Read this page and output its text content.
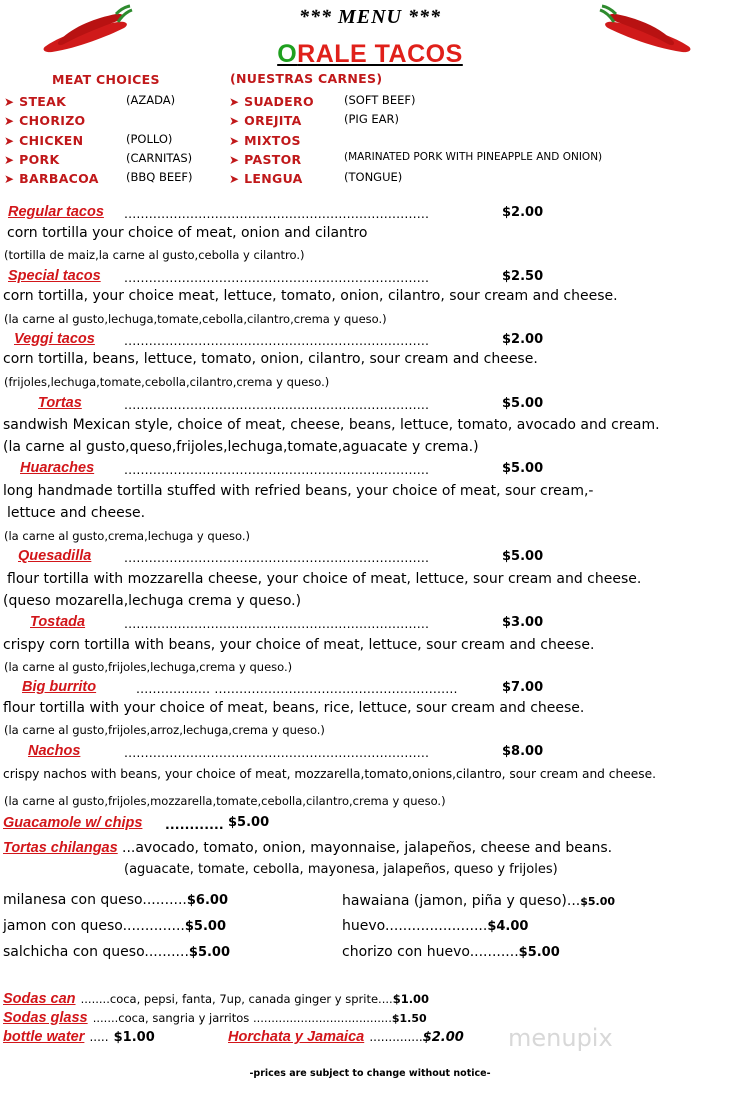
*** MENU ***
ORALE TACOS
MEAT CHOICES	(NUESTRAS CARNES)
➤ STEAK	(AZADA)
➤ CHORIZO
➤ CHICKEN	(POLLO)
➤ PORK	(CARNITAS)
➤ BARBACOA (BBQ BEEF)
➤ SUADERO	(SOFT BEEF)
➤ OREJITA	(PIG EAR)
➤ MIXTOS
➤ PASTOR	(MARINATED PORK WITH PINEAPPLE AND ONION)
➤ LENGUA	(TONGUE)
Regular tacos ..........................................................................	$2.00
corn tortilla your choice of meat, onion and cilantro
(tortilla de maiz,la carne al gusto,cebolla y cilantro.)
Special tacos ..........................................................................	$2.50
corn tortilla, your choice meat, lettuce, tomato, onion, cilantro, sour cream and cheese.
(la carne al gusto,lechuga,tomate,cebolla,cilantro,crema y queso.)
Veggi tacos ..........................................................................	$2.00
corn tortilla, beans, lettuce, tomato, onion, cilantro, sour cream and cheese.
(frijoles,lechuga,tomate,cebolla,cilantro,crema y queso.)
Tortas	..........................................................................	$5.00
sandwish Mexican style, choice of meat, cheese, beans, lettuce, tomato, avocado and cream.
(la carne al gusto,queso,frijoles,lechuga,tomate,aguacate y crema.)
Huaraches ..........................................................................	$5.00
long handmade tortilla stuffed with refried beans, your choice of meat, sour cream,-
lettuce and cheese.
(la carne al gusto,crema,lechuga y queso.)
Quesadilla	..........................................................................	$5.00
flour tortilla with mozzarella cheese, your choice of meat, lettuce, sour cream and cheese.
(queso mozarella,lechuga crema y queso.)
Tostada	..........................................................................	$3.00
crispy corn tortilla with beans, your choice of meat, lettuce, sour cream and cheese.
(la carne al gusto,frijoles,lechuga,crema y queso.)
Big burrito	.................. ...........................................................	$7.00
flour tortilla with your choice of meat, beans, rice, lettuce, sour cream and cheese.
(la carne al gusto,frijoles,arroz,lechuga,crema y queso.)
Nachos	..........................................................................	$8.00
crispy nachos with beans, your choice of meat, mozzarella,tomato,onions,cilantro, sour cream and cheese.
(la carne al gusto,frijoles,mozzarella,tomate,cebolla,cilantro,crema y queso.)
Guacamole w/ chips ............ $5.00
Tortas chilangas ...avocado, tomato, onion, mayonnaise, jalapeños, cheese and beans.
(aguacate, tomate, cebolla, mayonesa, jalapeños, queso y frijoles)
milanesa con queso..........$6.00
jamon con queso..............$5.00
salchicha con queso..........$5.00
hawaiana (jamon, piña y queso)...$5.00
huevo.......................$4.00
chorizo con huevo...........$5.00
Sodas can ........coca, pepsi, fanta, 7up, canada ginger y sprite....$1.00
Sodas glass .......coca, sangria y jarritos ......................................$1.50
bottle water ..... $1.00	Horchata y Jamaica ..............$2.00 menupix
-prices are subject to change without notice-
